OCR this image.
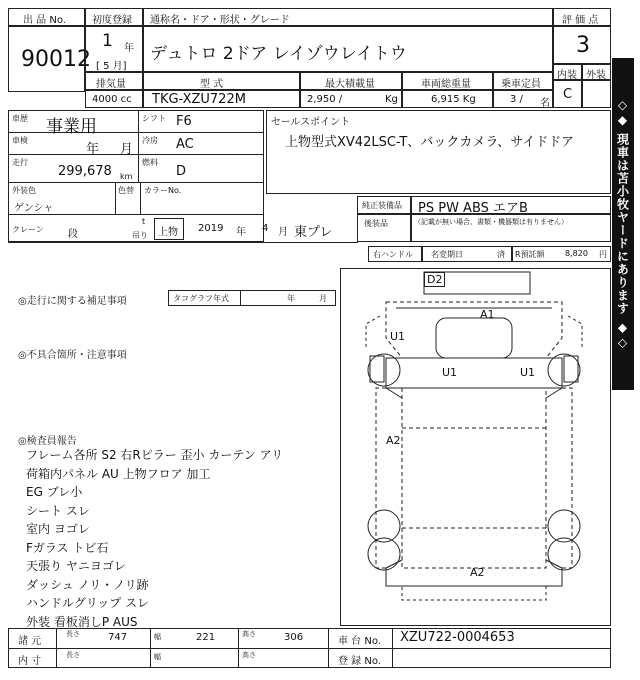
出 品 No.
90012
初度登録
1 年
[ 5 月]
通称名・ドア・形状・グレード
デュトロ 2ドア レイゾウレイトウ
評 価 点
3
内装 外装
C
排気量
4000 cc
型 式
TKG-XZU722M
最大積載量
2,950 /	Kg
車両総重量
6,915 Kg
乗車定員
3 / 名
車歴 事業用	シフト F6
車検
年 月
冷房 AC
走行
299,678 km
燃料
D
外装色
ゲンシャ
色替 カラーNo.
クレーン 段
t
吊り 上物 2019 年 4 月 東プレ
セールスポイント
上物型式XV42LSC-T、バックカメラ、サイドドア
純正装備品 PS PW ABS エアB
後装品	（記載が無い場合、書類・機器類は有りません）
右ハンドル 名変期日	済 R預託額	8,820 円 ◇◆ 現車は苫小牧ヤードにあります ◆◇
◎走行に関する補足事項	タコグラフ年式	年	月
◎不具合箇所・注意事項
◎検査員報告
フレーム各所 S2 右Rピラー 歪小 カーテン アリ
荷箱内パネル AU 上物フロア 加工
EG ブレ小
シート スレ
室内 ヨゴレ
Fガラス トビ石
天張り ヤニヨゴレ
ダッシュ ノリ・ノリ跡
ハンドルグリップ スレ
外装 看板消しP AUS
D2
A1
U1
U1	U1
A2
A2
諸 元
長さ	747	幅	221	高さ	306	車 台 No. XZU722-0004653
内 寸
長さ	幅	高さ
登 録 No.
